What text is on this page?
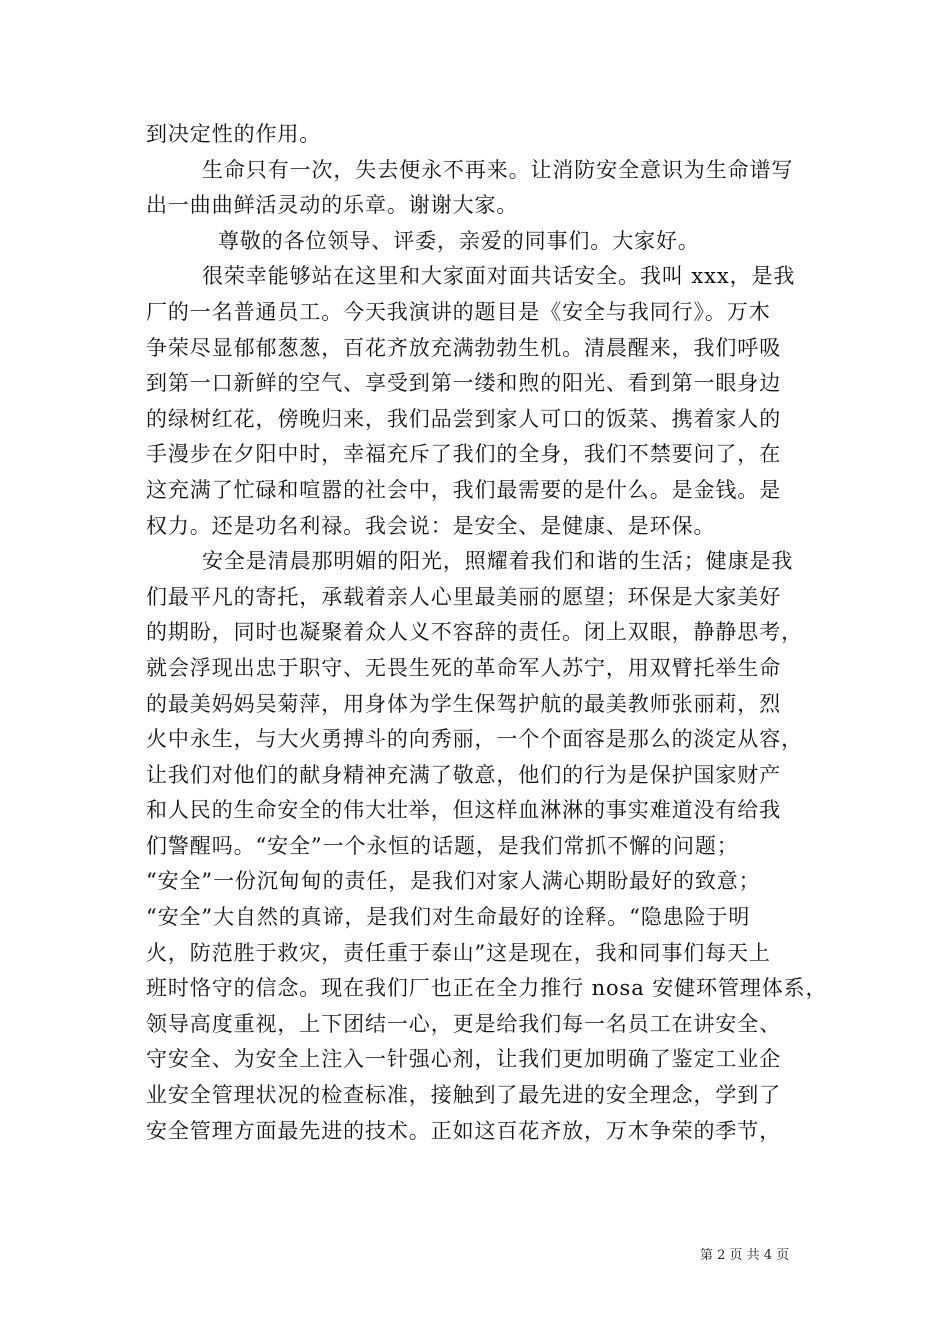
到决定性的作用。
生命只有一次，失去便永不再来。让消防安全意识为生命谱写
出一曲曲鲜活灵动的乐章。谢谢大家。
尊敬的各位领导、评委，亲爱的同事们。大家好。
很荣幸能够站在这里和大家面对面共话安全。我叫 xxx，是我
厂的一名普通员工。今天我演讲的题目是《安全与我同行》。万木
争荣尽显郁郁葱葱，百花齐放充满勃勃生机。清晨醒来，我们呼吸
到第一口新鲜的空气、享受到第一缕和煦的阳光、看到第一眼身边
的绿树红花，傍晚归来，我们品尝到家人可口的饭菜、携着家人的
手漫步在夕阳中时，幸福充斥了我们的全身，我们不禁要问了，在
这充满了忙碌和喧嚣的社会中，我们最需要的是什么。是金钱。是
权力。还是功名利禄。我会说：是安全、是健康、是环保。
安全是清晨那明媚的阳光，照耀着我们和谐的生活；健康是我
们最平凡的寄托，承载着亲人心里最美丽的愿望；环保是大家美好
的期盼，同时也凝聚着众人义不容辞的责任。闭上双眼，静静思考，
就会浮现出忠于职守、无畏生死的革命军人苏宁，用双臂托举生命
的最美妈妈吴菊萍，用身体为学生保驾护航的最美教师张丽莉，烈
火中永生，与大火勇搏斗的向秀丽，一个个面容是那么的淡定从容，
让我们对他们的献身精神充满了敬意，他们的行为是保护国家财产
和人民的生命安全的伟大壮举，但这样血淋淋的事实难道没有给我
们警醒吗。“安全”一个永恒的话题，是我们常抓不懈的问题；
“安全”一份沉甸甸的责任，是我们对家人满心期盼最好的致意；
“安全”大自然的真谛，是我们对生命最好的诠释。“隐患险于明
火，防范胜于救灾，责任重于泰山”这是现在，我和同事们每天上
班时恪守的信念。现在我们厂也正在全力推行 nosa 安健环管理体系，
领导高度重视，上下团结一心，更是给我们每一名员工在讲安全、
守安全、为安全上注入一针强心剂，让我们更加明确了鉴定工业企
业安全管理状况的检查标准，接触到了最先进的安全理念，学到了
安全管理方面最先进的技术。正如这百花齐放，万木争荣的季节，
第 2 页 共 4 页
